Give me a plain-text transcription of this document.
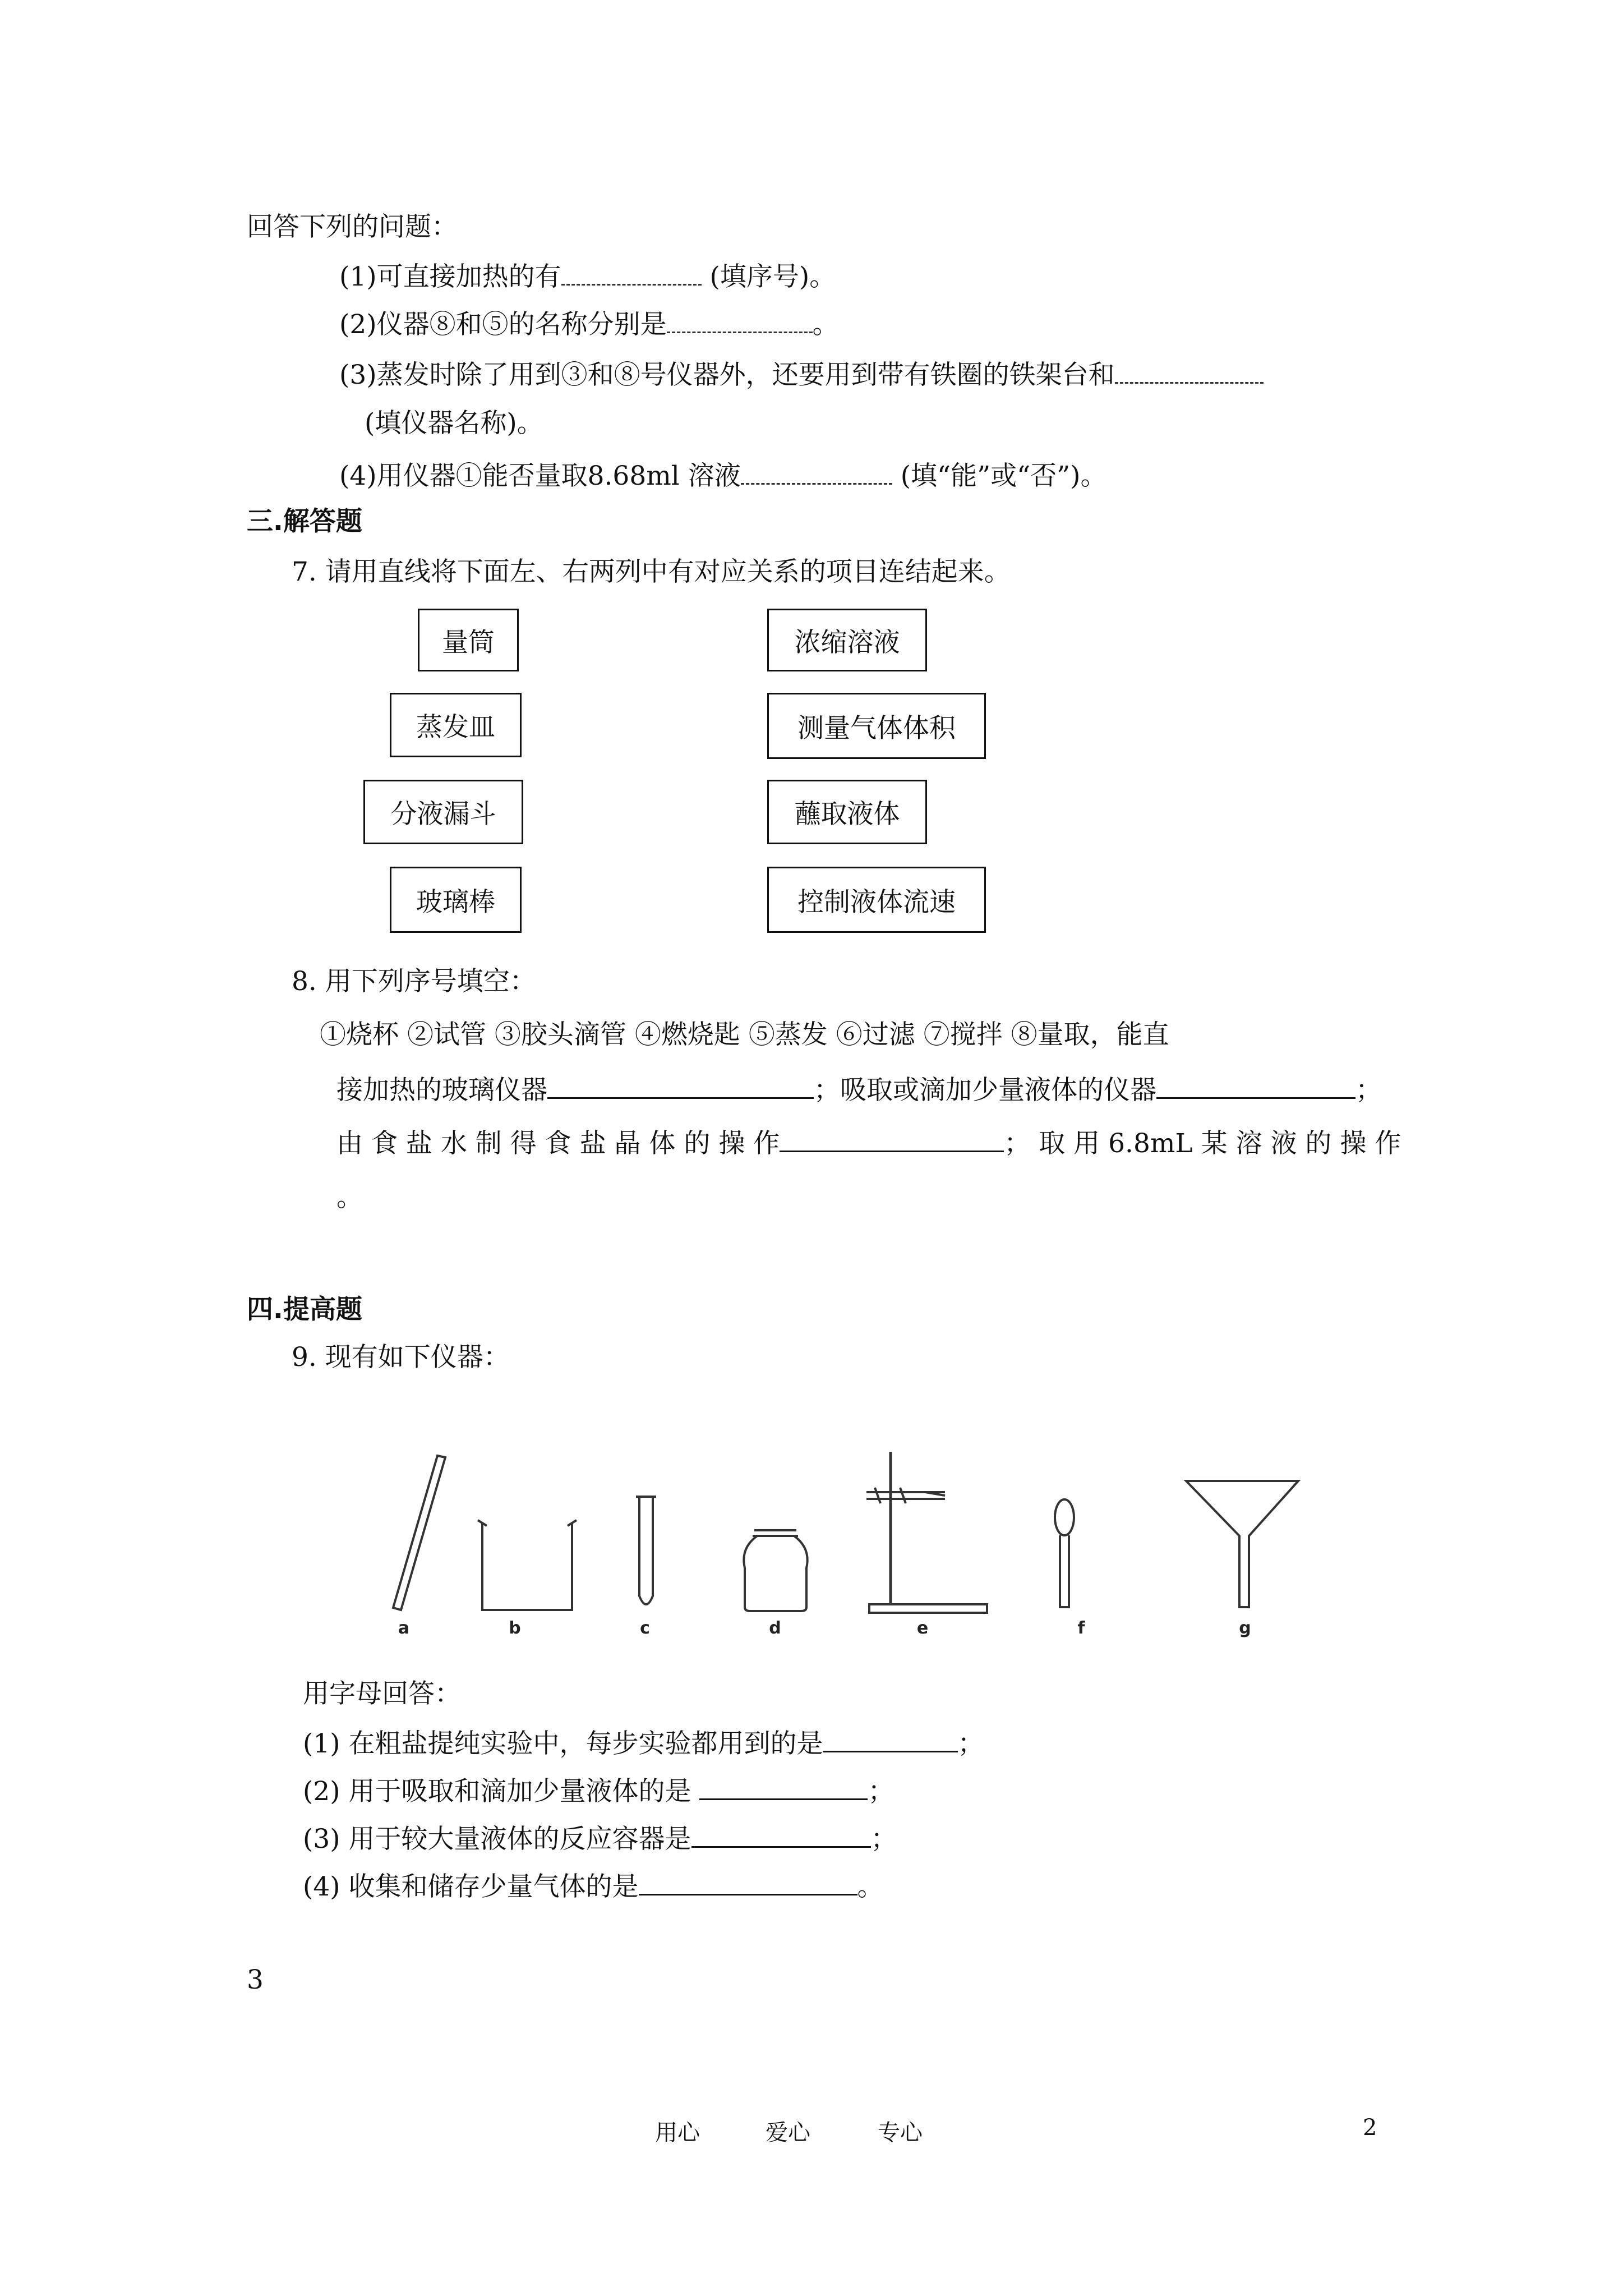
回答下列的问题：
(1)可直接加热的有	(填序号)。
(2)仪器⑧和⑤的名称分别是	。
(3)蒸发时除了用到③和⑧号仪器外，还要用到带有铁圈的铁架台和
(填仪器名称)。
(4)用仪器①能否量取8.68ml 溶液	(填“能”或“否”)。
三.解答题
7. 请用直线将下面左、右两列中有对应关系的项目连结起来。
量筒
蒸发皿
分液漏斗
玻璃棒
浓缩溶液
测量气体体积
蘸取液体
控制液体流速
8. 用下列序号填空：
①烧杯 ②试管 ③胶头滴管 ④燃烧匙 ⑤蒸发 ⑥过滤 ⑦搅拌 ⑧量取，能直
接加热的玻璃仪器	；吸取或滴加少量液体的仪器	；
由 食 盐 水 制 得 食 盐 晶 体 的 操 作	； 取 用 6.8mL 某 溶 液 的 操 作
。
四.提高题
9. 现有如下仪器：
a	b	c	d	e	f	g
用字母回答：
(1) 在粗盐提纯实验中，每步实验都用到的是	；
(2) 用于吸取和滴加少量液体的是	；
(3) 用于较大量液体的反应容器是	；
(4) 收集和储存少量气体的是	。
3
用心	爱心	专心	2
